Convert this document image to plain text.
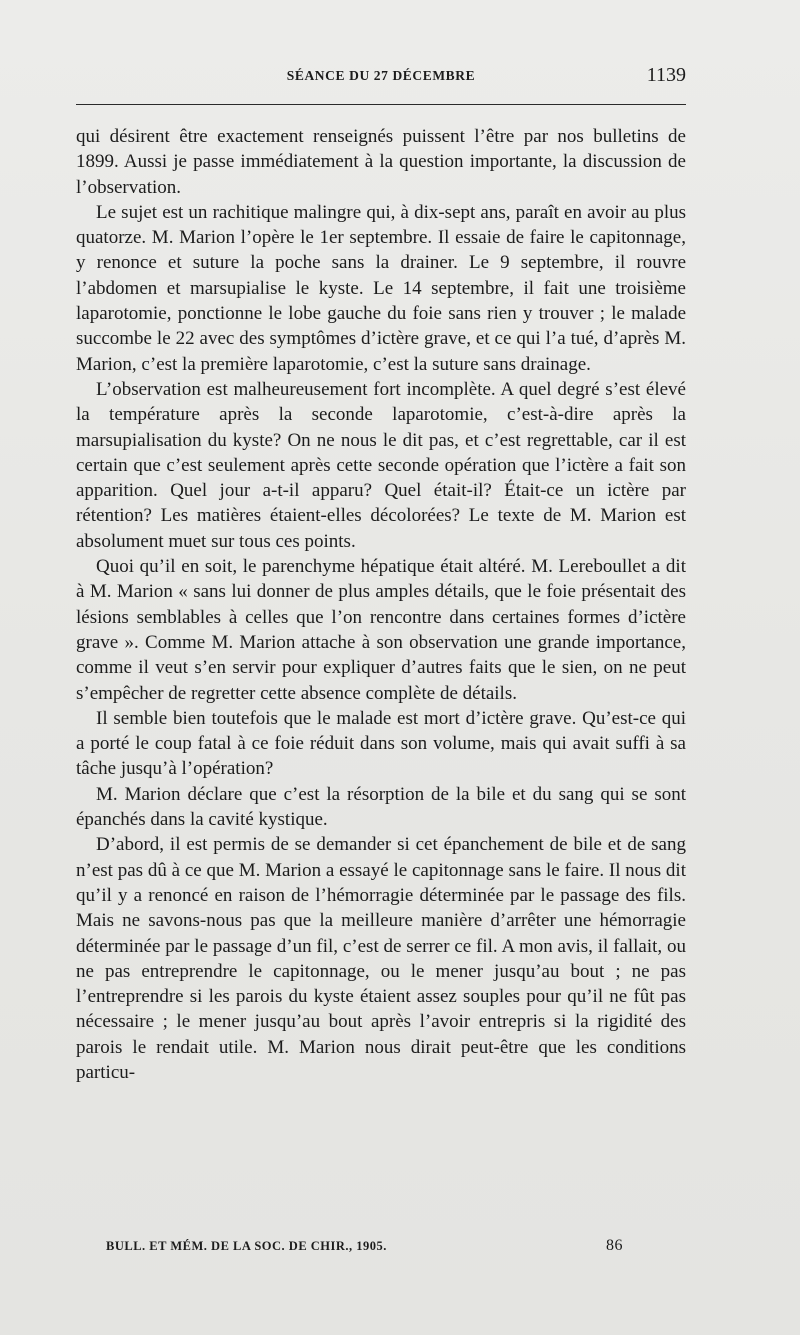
SÉANCE DU 27 DÉCEMBRE	1139

qui désirent être exactement renseignés puissent l’être par nos bulletins de 1899. Aussi je passe immédiatement à la question importante, la discussion de l’observation.

Le sujet est un rachitique malingre qui, à dix-sept ans, paraît en avoir au plus quatorze. M. Marion l’opère le 1er septembre. Il essaie de faire le capitonnage, y renonce et suture la poche sans la drainer. Le 9 septembre, il rouvre l’abdomen et marsupialise le kyste. Le 14 septembre, il fait une troisième laparotomie, ponctionne le lobe gauche du foie sans rien y trouver ; le malade succombe le 22 avec des symptômes d’ictère grave, et ce qui l’a tué, d’après M. Marion, c’est la première laparotomie, c’est la suture sans drainage.

L’observation est malheureusement fort incomplète. A quel degré s’est élevé la température après la seconde laparotomie, c’est-à-dire après la marsupialisation du kyste? On ne nous le dit pas, et c’est regrettable, car il est certain que c’est seulement après cette seconde opération que l’ictère a fait son apparition. Quel jour a-t-il apparu? Quel était-il? Était-ce un ictère par rétention? Les matières étaient-elles décolorées? Le texte de M. Marion est absolument muet sur tous ces points.

Quoi qu’il en soit, le parenchyme hépatique était altéré. M. Lereboullet a dit à M. Marion « sans lui donner de plus amples détails, que le foie présentait des lésions semblables à celles que l’on rencontre dans certaines formes d’ictère grave ». Comme M. Marion attache à son observation une grande importance, comme il veut s’en servir pour expliquer d’autres faits que le sien, on ne peut s’empêcher de regretter cette absence complète de détails.

Il semble bien toutefois que le malade est mort d’ictère grave. Qu’est-ce qui a porté le coup fatal à ce foie réduit dans son volume, mais qui avait suffi à sa tâche jusqu’à l’opération?

M. Marion déclare que c’est la résorption de la bile et du sang qui se sont épanchés dans la cavité kystique.

D’abord, il est permis de se demander si cet épanchement de bile et de sang n’est pas dû à ce que M. Marion a essayé le capitonnage sans le faire. Il nous dit qu’il y a renoncé en raison de l’hémorragie déterminée par le passage des fils. Mais ne savons-nous pas que la meilleure manière d’arrêter une hémorragie déterminée par le passage d’un fil, c’est de serrer ce fil. A mon avis, il fallait, ou ne pas entreprendre le capitonnage, ou le mener jusqu’au bout ; ne pas l’entreprendre si les parois du kyste étaient assez souples pour qu’il ne fût pas nécessaire ; le mener jusqu’au bout après l’avoir entrepris si la rigidité des parois le rendait utile. M. Marion nous dirait peut-être que les conditions particu-

BULL. ET MÉM. DE LA SOC. DE CHIR., 1905.	86
